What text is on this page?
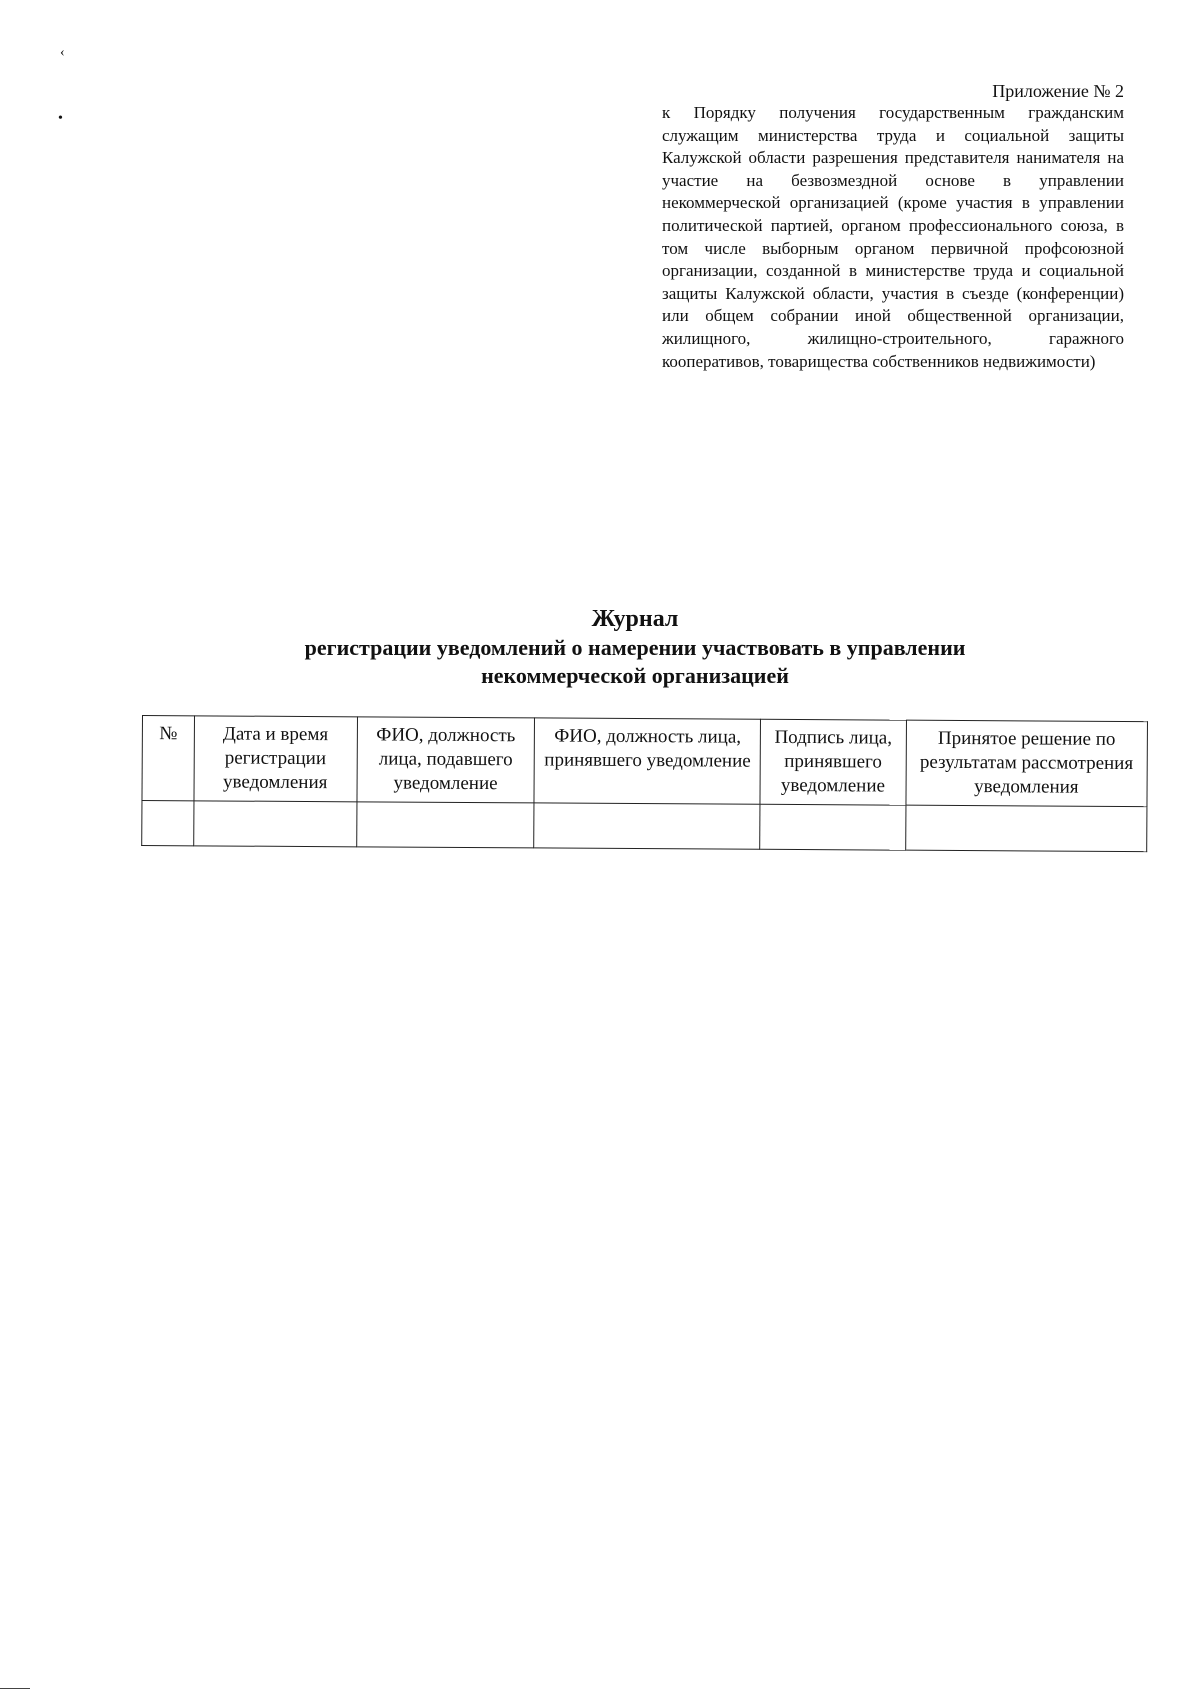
‹
•
Приложение № 2

к Порядку получения государственным гражданским служащим министерства труда и социальной защиты Калужской области разрешения представителя нанимателя на участие на безвозмездной основе в управлении некоммерческой организацией (кроме участия в управлении политической партией, органом профессионального союза, в том числе выборным органом первичной профсоюзной организации, созданной в министерстве труда и социальной защиты Калужской области, участия в съезде (конференции) или общем собрании иной общественной организации, жилищного, жилищно-строительного, гаражного кооперативов, товарищества собственников недвижимости)

Журнал
регистрации уведомлений о намерении участвовать в управлении
некоммерческой организацией
№	Дата и время регистрации уведомления	ФИО, должность лица, подавшего уведомление	ФИО, должность лица, принявшего уведомление	Подпись лица, принявшего уведомление	Принятое решение по результатам рассмотрения уведомления
